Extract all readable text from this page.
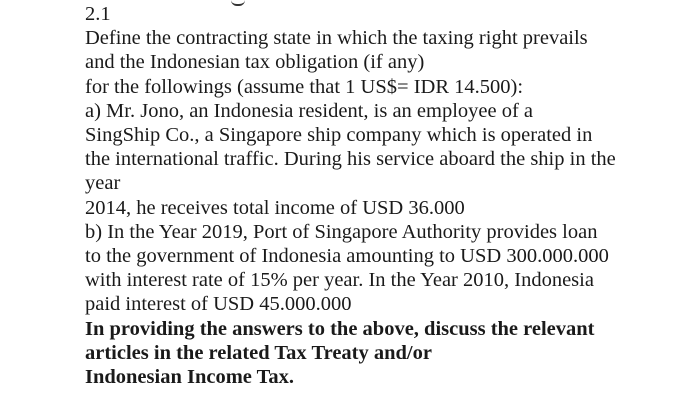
2.1
Define the contracting state in which the taxing right prevails
and the Indonesian tax obligation (if any)
for the followings (assume that 1 US$= IDR 14.500):
a) Mr. Jono, an Indonesia resident, is an employee of a
SingShip Co., a Singapore ship company which is operated in
the international traffic. During his service aboard the ship in the
year
2014, he receives total income of USD 36.000
b) In the Year 2019, Port of Singapore Authority provides loan
to the government of Indonesia amounting to USD 300.000.000
with interest rate of 15% per year. In the Year 2010, Indonesia
paid interest of USD 45.000.000
In providing the answers to the above, discuss the relevant
articles in the related Tax Treaty and/or
Indonesian Income Tax.
